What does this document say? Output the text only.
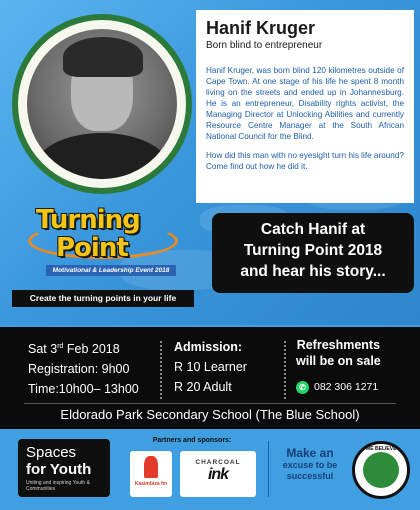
Hanif Kruger
Born blind to entrepreneur
Hanif Kruger, was born blind 120 kilometres outside of Cape Town. At one stage of his life he spent 8 month living on the streets and ended up in Johannesburg. He is an entrepreneur, Disability rights activist, the Managing Director at Unlocking Abilities and currently Resource Centre Manager at the South African National Council for the Blind.
How did this man with no eyesight turn his life around? Come find out how he did it.
Turning
Point
Motivational & Leadership Event 2018
Create the turning points in your life
Catch Hanif at
Turning Point 2018
and hear his story...
Sat 3rd Feb 2018
Registration: 9h00
Time:10h00– 13h00
Admission:
R 10 Learner
R 20 Adult
Refreshments
will be on sale
✆ 082 306 1271
Eldorado Park Secondary School (The Blue School)
Spaces
for Youth
Uniting and inspiring Youth & Communities
Partners and sponsors:
Kasimbiza fm
CHARCOAL
ink
Make an
excuse to be
successful
WE BELIEVE
